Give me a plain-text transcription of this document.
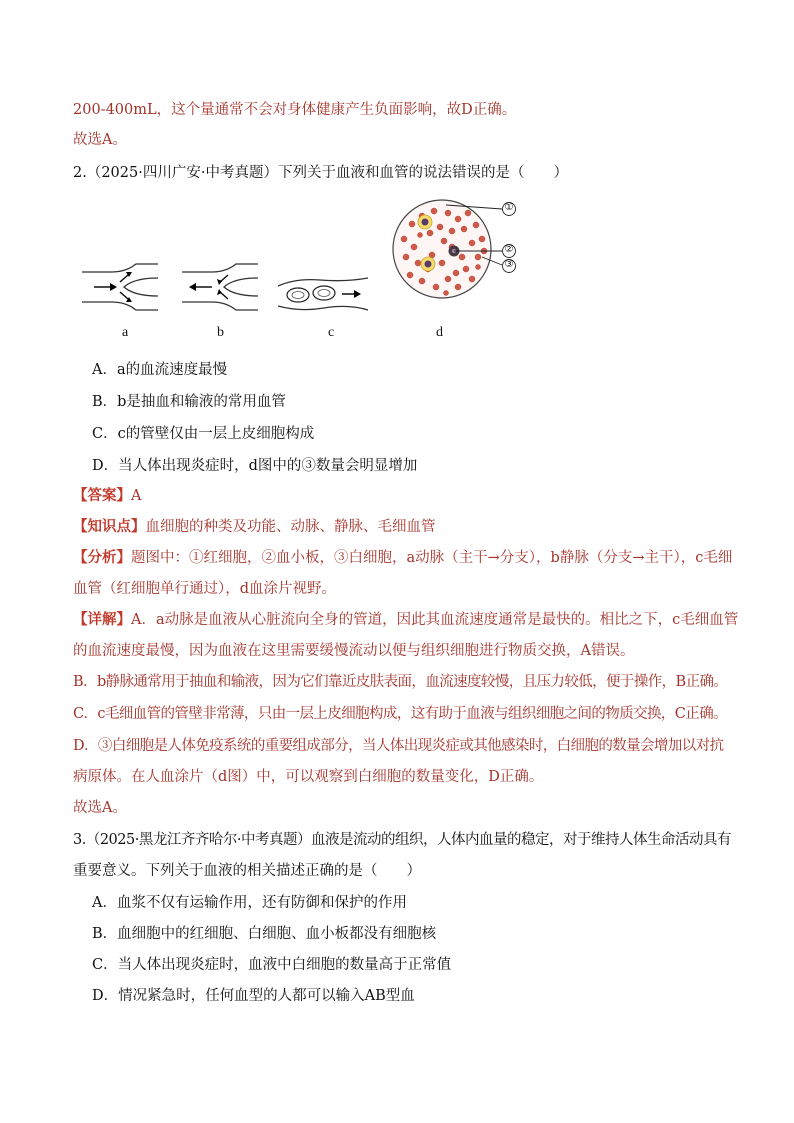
200-400mL，这个量通常不会对身体健康产生负面影响，故D正确。
故选A。
2.（2025·四川广安·中考真题）下列关于血液和血管的说法错误的是（　　）
①
②
③
a	b	c	d
A．a的血流速度最慢
B．b是抽血和输液的常用血管
C．c的管壁仅由一层上皮细胞构成
D．当人体出现炎症时，d图中的③数量会明显增加
【答案】A
【知识点】血细胞的种类及功能、动脉、静脉、毛细血管
【分析】题图中：①红细胞，②血小板，③白细胞，a动脉（主干→分支），b静脉（分支→主干），c毛细
血管（红细胞单行通过），d血涂片视野。
【详解】A．a动脉是血液从心脏流向全身的管道，因此其血流速度通常是最快的。相比之下，c毛细血管
的血流速度最慢，因为血液在这里需要缓慢流动以便与组织细胞进行物质交换，A错误。
B．b静脉通常用于抽血和输液，因为它们靠近皮肤表面，血流速度较慢，且压力较低，便于操作，B正确。
C．c毛细血管的管壁非常薄，只由一层上皮细胞构成，这有助于血液与组织细胞之间的物质交换，C正确。
D．③白细胞是人体免疫系统的重要组成部分，当人体出现炎症或其他感染时，白细胞的数量会增加以对抗
病原体。在人血涂片（d图）中，可以观察到白细胞的数量变化，D正确。
故选A。
3.（2025·黑龙江齐齐哈尔·中考真题）血液是流动的组织，人体内血量的稳定，对于维持人体生命活动具有
重要意义。下列关于血液的相关描述正确的是（　　）
A．血浆不仅有运输作用，还有防御和保护的作用
B．血细胞中的红细胞、白细胞、血小板都没有细胞核
C．当人体出现炎症时，血液中白细胞的数量高于正常值
D．情况紧急时，任何血型的人都可以输入AB型血
